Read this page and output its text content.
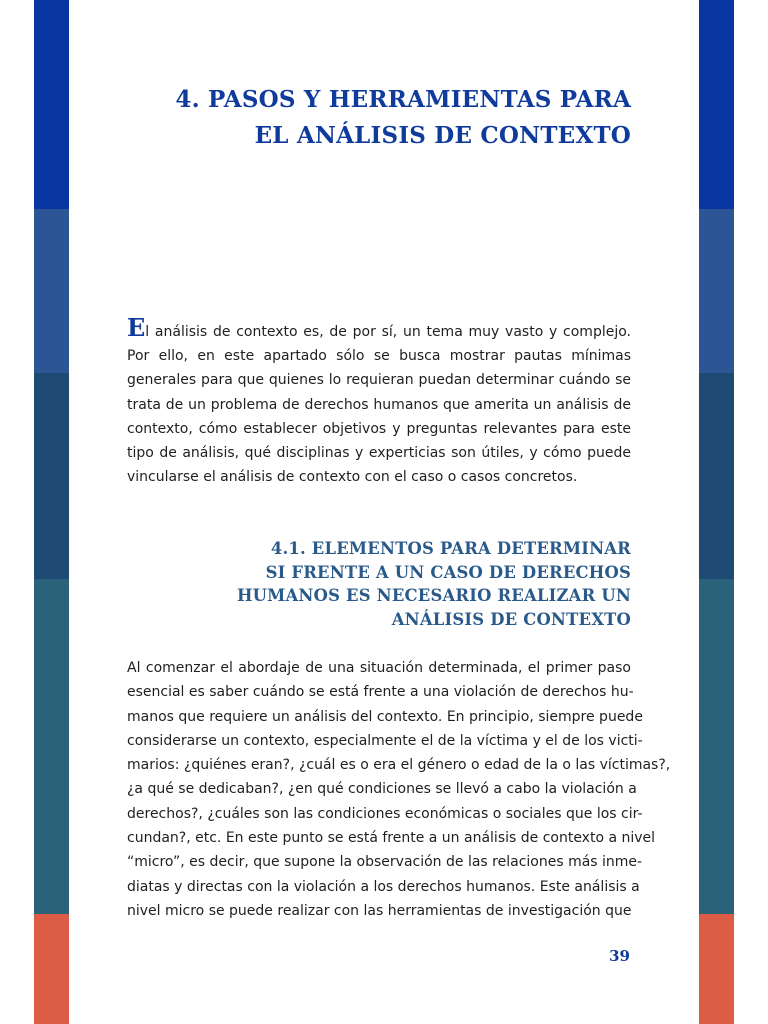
4. PASOS Y HERRAMIENTAS PARA
EL ANÁLISIS DE CONTEXTO

El análisis de contexto es, de por sí, un tema muy vasto y complejo. Por ello, en este apartado sólo se busca mostrar pautas mínimas generales para que quienes lo requieran puedan determinar cuándo se trata de un problema de derechos humanos que amerita un análisis de contexto, cómo establecer objetivos y preguntas relevantes para este tipo de análisis, qué disciplinas y experticias son útiles, y cómo puede vincularse el análisis de contexto con el caso o casos concretos.

4.1. ELEMENTOS PARA DETERMINAR
SI FRENTE A UN CASO DE DERECHOS
HUMANOS ES NECESARIO REALIZAR UN
ANÁLISIS DE CONTEXTO
Al comenzar el abordaje de una situación determinada, el primer paso
esencial es saber cuándo se está frente a una violación de derechos hu-
manos que requiere un análisis del contexto. En principio, siempre puede
considerarse un contexto, especialmente el de la víctima y el de los victi-
marios: ¿quiénes eran?, ¿cuál es o era el género o edad de la o las víctimas?,
¿a qué se dedicaban?, ¿en qué condiciones se llevó a cabo la violación a
derechos?, ¿cuáles son las condiciones económicas o sociales que los cir-
cundan?, etc. En este punto se está frente a un análisis de contexto a nivel
“micro”, es decir, que supone la observación de las relaciones más inme-
diatas y directas con la violación a los derechos humanos. Este análisis a
nivel micro se puede realizar con las herramientas de investigación que
39
